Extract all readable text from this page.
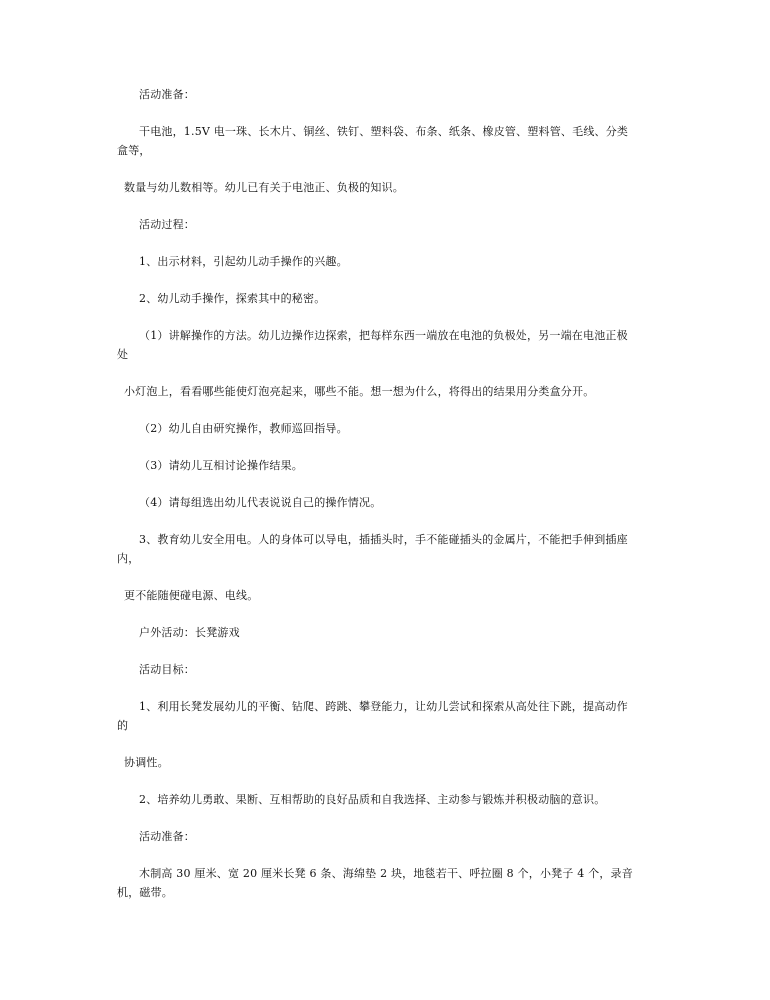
活动准备：
干电池，1.5V 电一珠、长木片、铜丝、铁钉、塑料袋、布条、纸条、橡皮管、塑料管、毛线、分类
盒等，
数量与幼儿数相等。幼儿已有关于电池正、负极的知识。
活动过程：
1、出示材料，引起幼儿动手操作的兴趣。
2、幼儿动手操作，探索其中的秘密。
（1）讲解操作的方法。幼儿边操作边探索，把每样东西一端放在电池的负极处，另一端在电池正极
处
小灯泡上，看看哪些能使灯泡亮起来，哪些不能。想一想为什么，将得出的结果用分类盒分开。
（2）幼儿自由研究操作，教师巡回指导。
（3）请幼儿互相讨论操作结果。
（4）请每组选出幼儿代表说说自己的操作情况。
3、教育幼儿安全用电。人的身体可以导电，插插头时，手不能碰插头的金属片，不能把手伸到插座
内，
更不能随便碰电源、电线。
户外活动：长凳游戏
活动目标：
1、利用长凳发展幼儿的平衡、钻爬、跨跳、攀登能力，让幼儿尝试和探索从高处往下跳，提高动作
的
协调性。
2、培养幼儿勇敢、果断、互相帮助的良好品质和自我选择、主动参与锻炼并积极动脑的意识。
活动准备：
木制高 30 厘米、宽 20 厘米长凳 6 条、海绵垫 2 块，地毯若干、呼拉圈 8 个，小凳子 4 个，录音
机，磁带。
